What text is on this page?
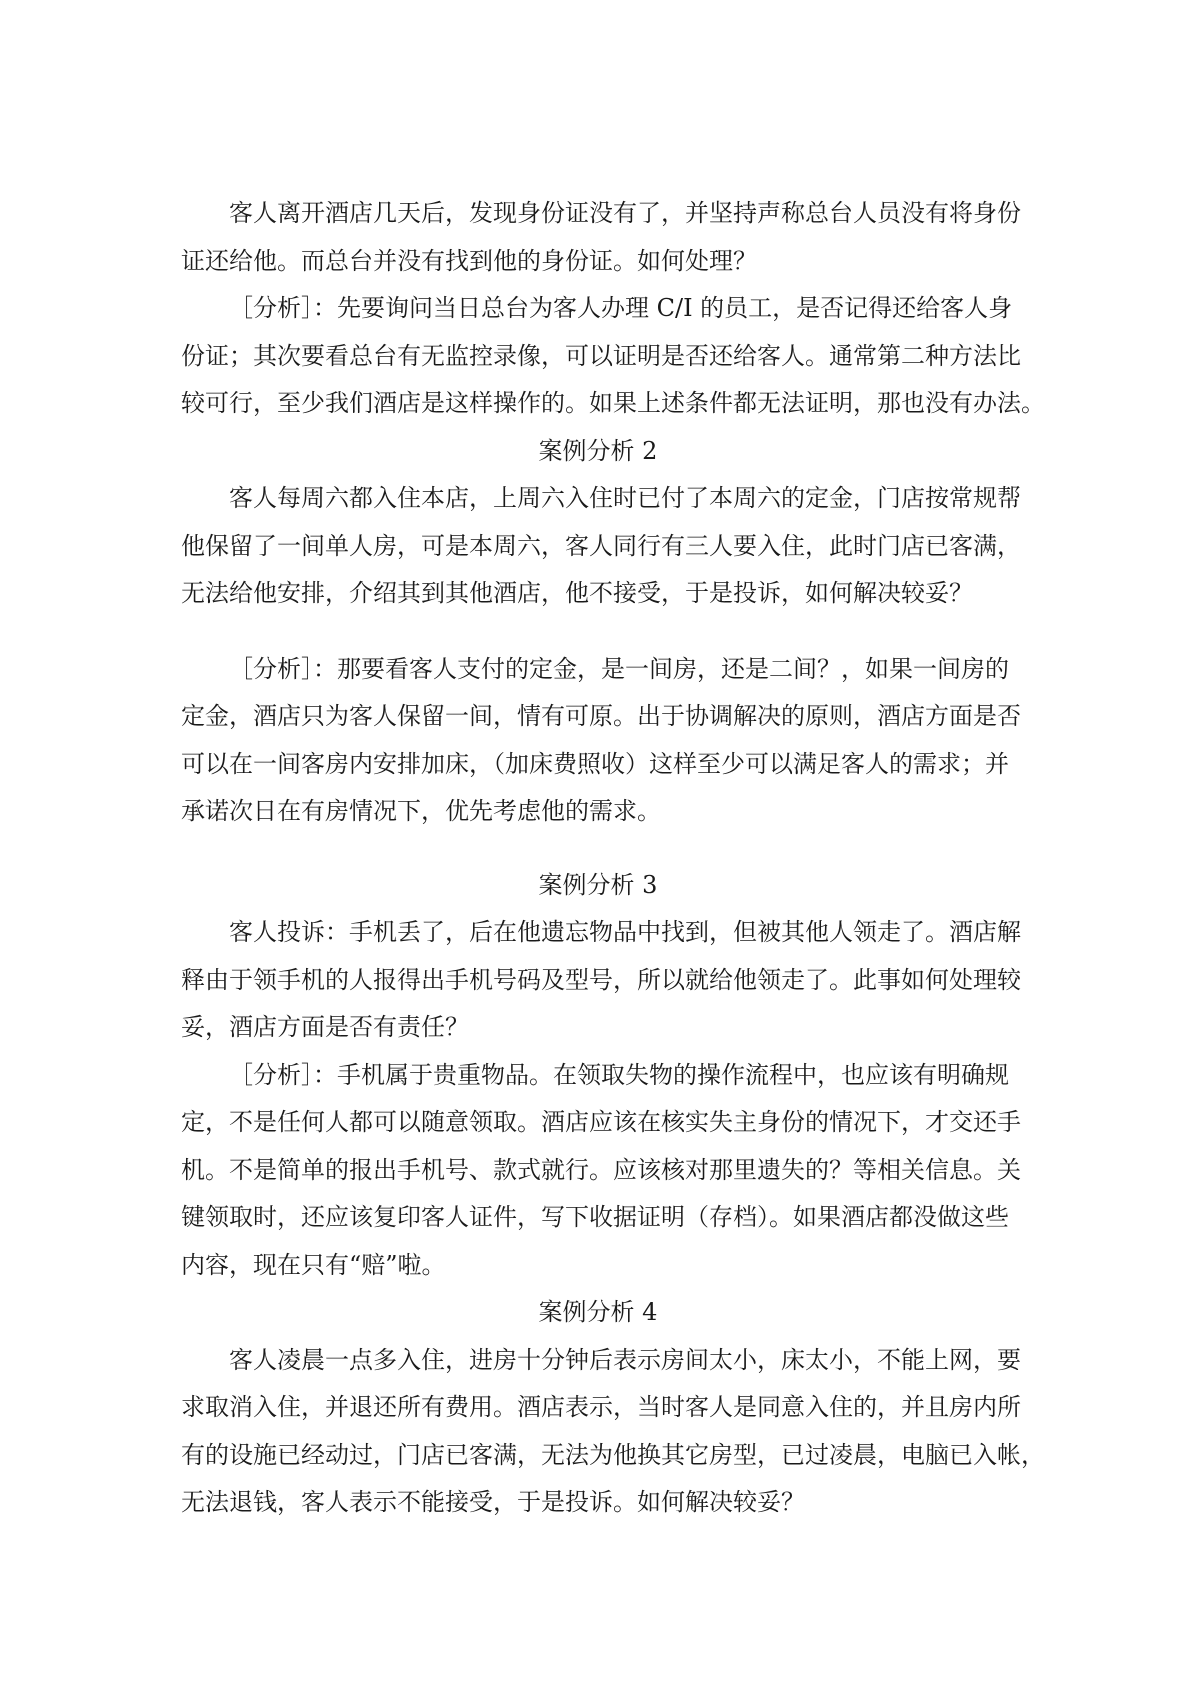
客人离开酒店几天后，发现身份证没有了，并坚持声称总台人员没有将身份
证还给他。而总台并没有找到他的身份证。如何处理？

［分析］：先要询问当日总台为客人办理 C/I 的员工，是否记得还给客人身
份证；其次要看总台有无监控录像，可以证明是否还给客人。通常第二种方法比
较可行，至少我们酒店是这样操作的。如果上述条件都无法证明，那也没有办法。

案例分析 2

客人每周六都入住本店，上周六入住时已付了本周六的定金，门店按常规帮
他保留了一间单人房，可是本周六，客人同行有三人要入住，此时门店已客满，
无法给他安排，介绍其到其他酒店，他不接受，于是投诉，如何解决较妥？

［分析］：那要看客人支付的定金，是一间房，还是二间？，如果一间房的
定金，酒店只为客人保留一间，情有可原。出于协调解决的原则，酒店方面是否
可以在一间客房内安排加床，（加床费照收）这样至少可以满足客人的需求；并
承诺次日在有房情况下，优先考虑他的需求。

案例分析 3

客人投诉：手机丢了，后在他遗忘物品中找到，但被其他人领走了。酒店解
释由于领手机的人报得出手机号码及型号，所以就给他领走了。此事如何处理较
妥，酒店方面是否有责任？

［分析］：手机属于贵重物品。在领取失物的操作流程中，也应该有明确规
定，不是任何人都可以随意领取。酒店应该在核实失主身份的情况下，才交还手
机。不是简单的报出手机号、款式就行。应该核对那里遗失的？等相关信息。关
键领取时，还应该复印客人证件，写下收据证明（存档）。如果酒店都没做这些
内容，现在只有“赔”啦。

案例分析 4

客人凌晨一点多入住，进房十分钟后表示房间太小，床太小，不能上网，要
求取消入住，并退还所有费用。酒店表示，当时客人是同意入住的，并且房内所
有的设施已经动过，门店已客满，无法为他换其它房型，已过凌晨，电脑已入帐，
无法退钱，客人表示不能接受，于是投诉。如何解决较妥？
